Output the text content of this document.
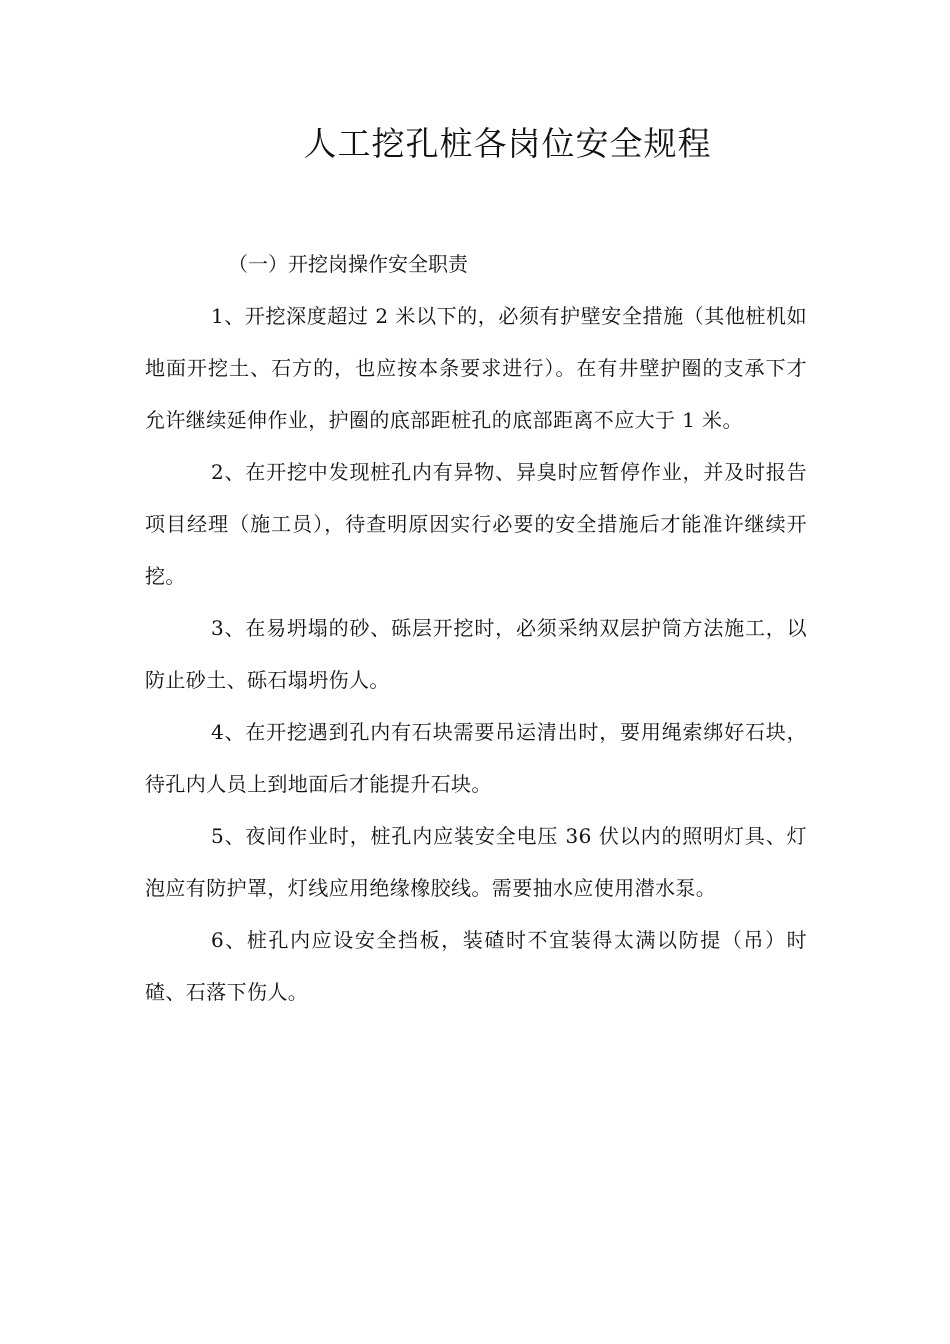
人工挖孔桩各岗位安全规程
（一）开挖岗操作安全职责

1、开挖深度超过 2 米以下的，必须有护壁安全措施（其他桩机如地面开挖土、石方的，也应按本条要求进行）。在有井壁护圈的支承下才允许继续延伸作业，护圈的底部距桩孔的底部距离不应大于 1 米。

2、在开挖中发现桩孔内有异物、异臭时应暂停作业，并及时报告项目经理（施工员），待查明原因实行必要的安全措施后才能准许继续开挖。

3、在易坍塌的砂、砾层开挖时，必须采纳双层护筒方法施工，以防止砂土、砾石塌坍伤人。

4、在开挖遇到孔内有石块需要吊运清出时，要用绳索绑好石块，待孔内人员上到地面后才能提升石块。

5、夜间作业时，桩孔内应装安全电压 36 伏以内的照明灯具、灯泡应有防护罩，灯线应用绝缘橡胶线。需要抽水应使用潜水泵。

6、桩孔内应设安全挡板，装碴时不宜装得太满以防提（吊）时碴、石落下伤人。
